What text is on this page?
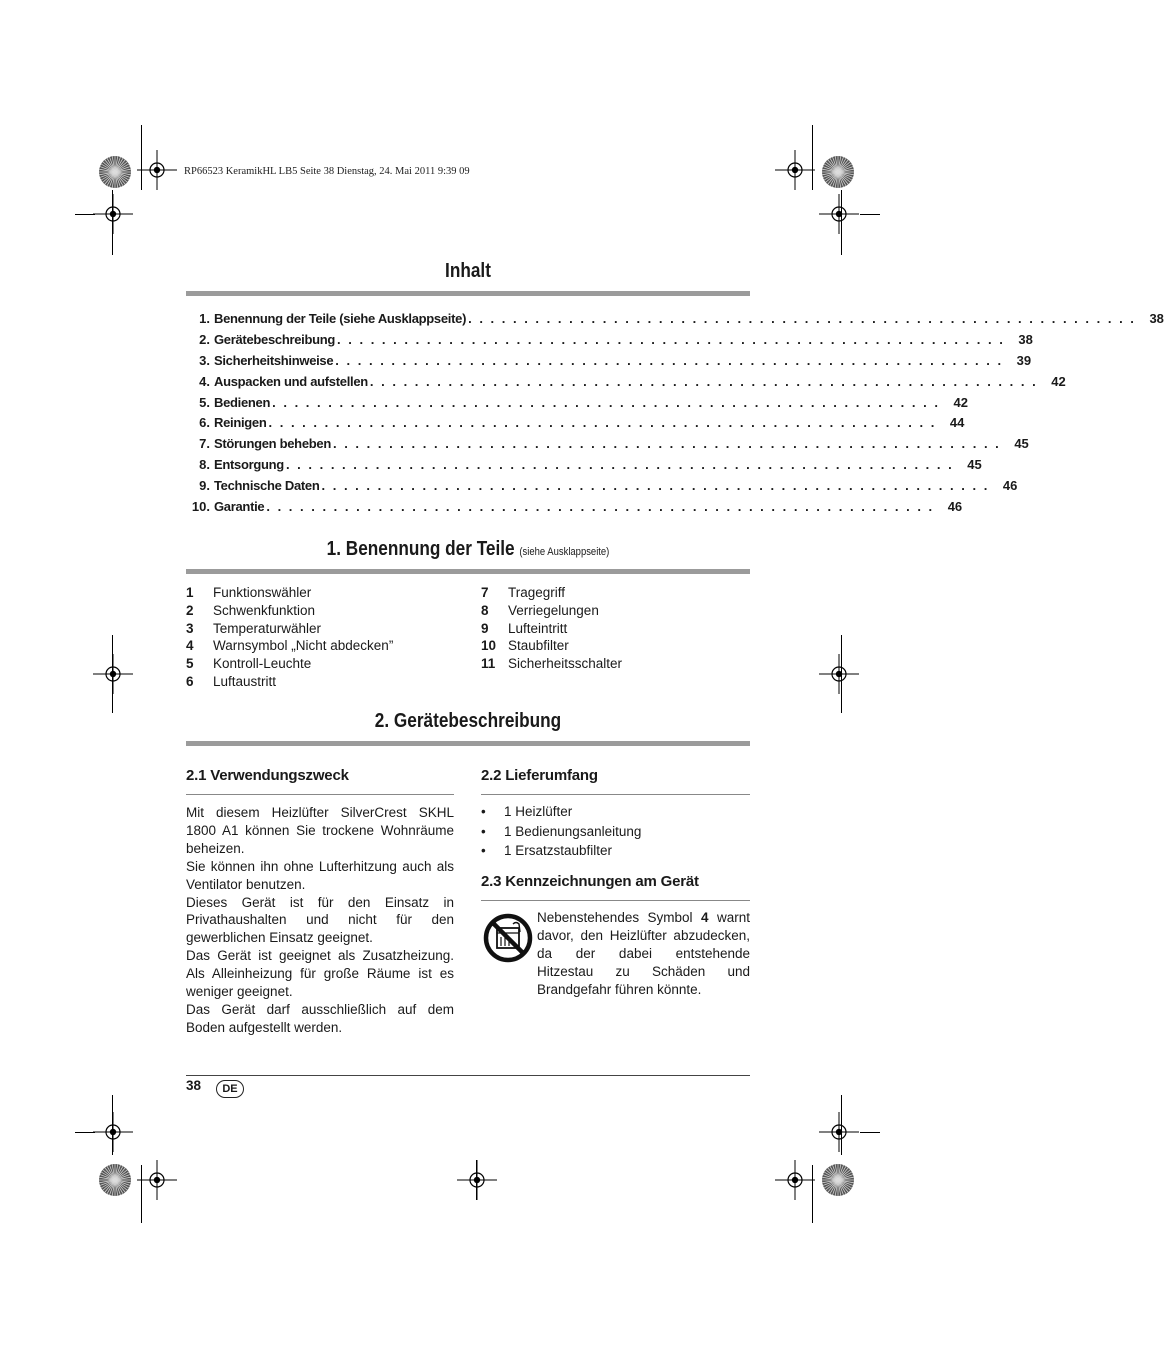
RP66523 KeramikHL LB5 Seite 38 Dienstag, 24. Mai 2011 9:39 09
Inhalt
1. Benennung der Teile (siehe Ausklappseite) . . . . . . . . . . . . . . . . . . . . . . . . . . . . . . . . . . . . . . . . . . . . . . . . . . . . . . . . . . . .	38
2. Gerätebeschreibung . . . . . . . . . . . . . . . . . . . . . . . . . . . . . . . . . . . . . . . . . . . . . . . . . . . . . . . . . . . .	38
3. Sicherheitshinweise . . . . . . . . . . . . . . . . . . . . . . . . . . . . . . . . . . . . . . . . . . . . . . . . . . . . . . . . . . . .	39
4. Auspacken und aufstellen . . . . . . . . . . . . . . . . . . . . . . . . . . . . . . . . . . . . . . . . . . . . . . . . . . . . . . . . . . . .	42
5. Bedienen . . . . . . . . . . . . . . . . . . . . . . . . . . . . . . . . . . . . . . . . . . . . . . . . . . . . . . . . . . . .	42
6. Reinigen . . . . . . . . . . . . . . . . . . . . . . . . . . . . . . . . . . . . . . . . . . . . . . . . . . . . . . . . . . . .	44
7. Störungen beheben . . . . . . . . . . . . . . . . . . . . . . . . . . . . . . . . . . . . . . . . . . . . . . . . . . . . . . . . . . . .	45
8. Entsorgung . . . . . . . . . . . . . . . . . . . . . . . . . . . . . . . . . . . . . . . . . . . . . . . . . . . . . . . . . . . .	45
9. Technische Daten . . . . . . . . . . . . . . . . . . . . . . . . . . . . . . . . . . . . . . . . . . . . . . . . . . . . . . . . . . . .	46
10. Garantie . . . . . . . . . . . . . . . . . . . . . . . . . . . . . . . . . . . . . . . . . . . . . . . . . . . . . . . . . . . .	46
1. Benennung der Teile (siehe Ausklappseite)
1	Funktionswähler
2	Schwenkfunktion
3	Temperaturwähler
4	Warnsymbol „Nicht abdecken”
5	Kontroll-Leuchte
6	Luftaustritt
7	Tragegriff
8	Verriegelungen
9	Lufteintritt
10 Staubfilter
11 Sicherheitsschalter
2. Gerätebeschreibung
2.1 Verwendungszweck

Mit diesem Heizlüfter SilverCrest SKHL 1800 A1 können Sie trockene Wohnräume beheizen.

Sie können ihn ohne Lufterhitzung auch als Ventilator benutzen.

Dieses Gerät ist für den Einsatz in Privathaushalten und nicht für den gewerblichen Einsatz geeignet.

Das Gerät ist geeignet als Zusatzheizung. Als Alleinheizung für große Räume ist es weniger geeignet.

Das Gerät darf ausschließlich auf dem Boden aufgestellt werden.

2.2 Lieferumfang
•	1 Heizlüfter
•	1 Bedienungsanleitung
•	1 Ersatzstaubfilter
2.3 Kennzeichnungen am Gerät
Nebenstehendes Symbol 4 warnt davor, den Heizlüfter abzudecken, da der dabei entstehende Hitzestau zu Schäden und Brandgefahr führen könnte.
38	DE
